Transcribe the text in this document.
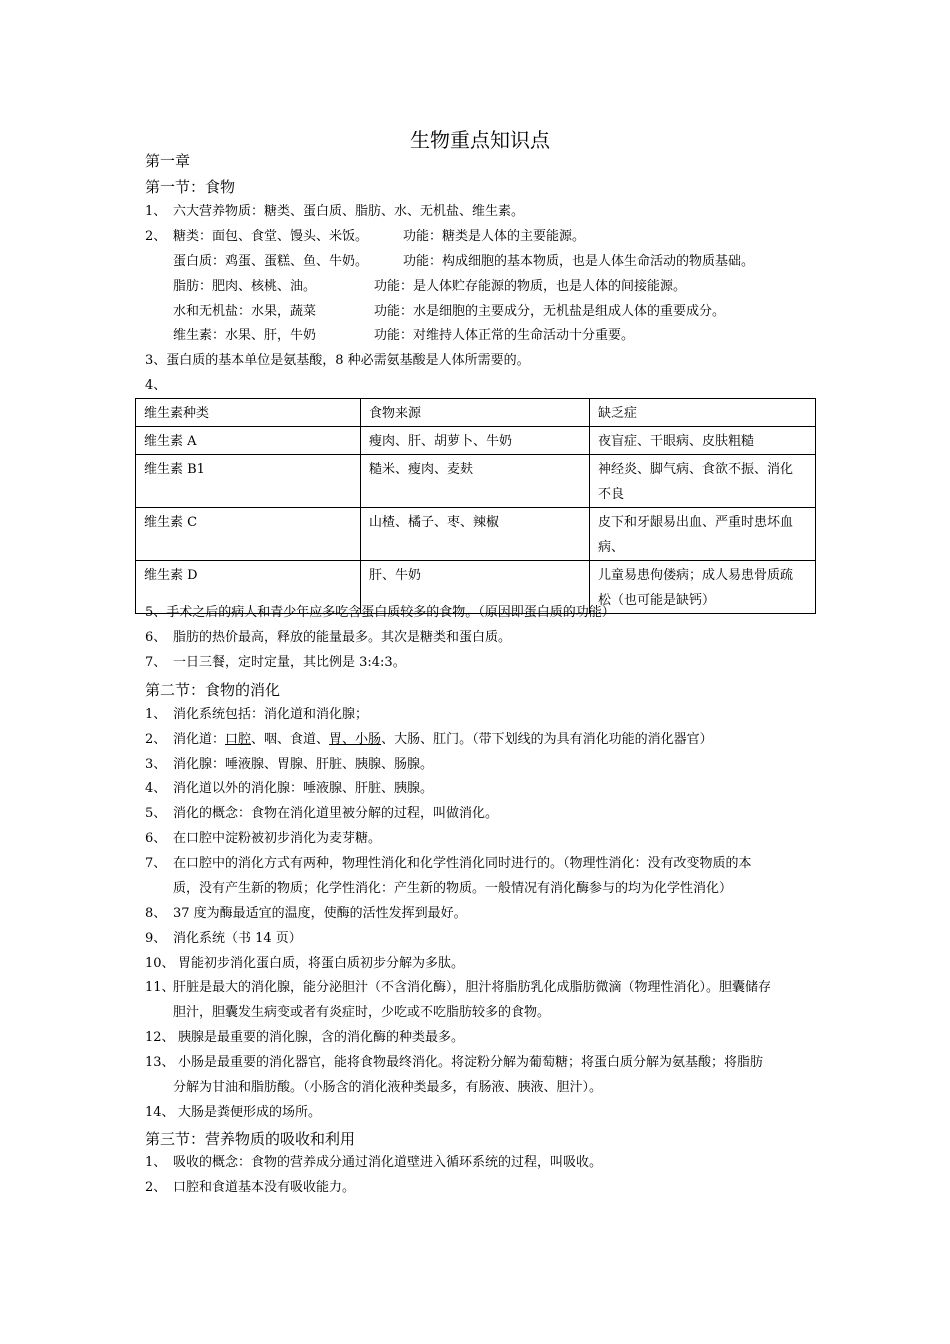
生物重点知识点
第一章
第一节：食物
1、 六大营养物质：糖类、蛋白质、脂肪、水、无机盐、维生素。
2、 糖类：面包、食堂、馒头、米饭。	功能：糖类是人体的主要能源。
蛋白质：鸡蛋、蛋糕、鱼、牛奶。	功能：构成细胞的基本物质，也是人体生命活动的物质基础。
脂肪：肥肉、核桃、油。	功能：是人体贮存能源的物质，也是人体的间接能源。
水和无机盐：水果，蔬菜	功能：水是细胞的主要成分，无机盐是组成人体的重要成分。
维生素：水果、肝，牛奶	功能：对维持人体正常的生命活动十分重要。
3、蛋白质的基本单位是氨基酸，8 种必需氨基酸是人体所需要的。
4、
维生素种类	食物来源	缺乏症
维生素 A	瘦肉、肝、胡萝卜、牛奶	夜盲症、干眼病、皮肤粗糙
维生素 B1	糙米、瘦肉、麦麸	神经炎、脚气病、食欲不振、消化
不良
维生素 C	山楂、橘子、枣、辣椒	皮下和牙龈易出血、严重时患坏血
病、
维生素 D	肝、牛奶	儿童易患佝偻病；成人易患骨质疏
松（也可能是缺钙）
5、手术之后的病人和青少年应多吃含蛋白质较多的食物。（原因即蛋白质的功能）
6、 脂肪的热价最高，释放的能量最多。其次是糖类和蛋白质。
7、 一日三餐，定时定量，其比例是 3:4:3。
第二节：食物的消化
1、 消化系统包括：消化道和消化腺；
2、 消化道：口腔、咽、食道、胃、小肠、大肠、肛门。（带下划线的为具有消化功能的消化器官）
3、 消化腺：唾液腺、胃腺、肝脏、胰腺、肠腺。
4、 消化道以外的消化腺：唾液腺、肝脏、胰腺。
5、 消化的概念：食物在消化道里被分解的过程，叫做消化。
6、 在口腔中淀粉被初步消化为麦芽糖。
7、 在口腔中的消化方式有两种，物理性消化和化学性消化同时进行的。（物理性消化：没有改变物质的本
质，没有产生新的物质；化学性消化：产生新的物质。一般情况有消化酶参与的均为化学性消化）
8、 37 度为酶最适宜的温度，使酶的活性发挥到最好。
9、 消化系统（书 14 页）
10、 胃能初步消化蛋白质，将蛋白质初步分解为多肽。
11、肝脏是最大的消化腺，能分泌胆汁（不含消化酶），胆汁将脂肪乳化成脂肪微滴（物理性消化）。胆囊储存
胆汁，胆囊发生病变或者有炎症时，少吃或不吃脂肪较多的食物。
12、 胰腺是最重要的消化腺，含的消化酶的种类最多。
13、 小肠是最重要的消化器官，能将食物最终消化。将淀粉分解为葡萄糖；将蛋白质分解为氨基酸；将脂肪
分解为甘油和脂肪酸。（小肠含的消化液种类最多，有肠液、胰液、胆汁）。
14、 大肠是粪便形成的场所。
第三节：营养物质的吸收和利用
1、 吸收的概念：食物的营养成分通过消化道壁进入循环系统的过程，叫吸收。
2、 口腔和食道基本没有吸收能力。
